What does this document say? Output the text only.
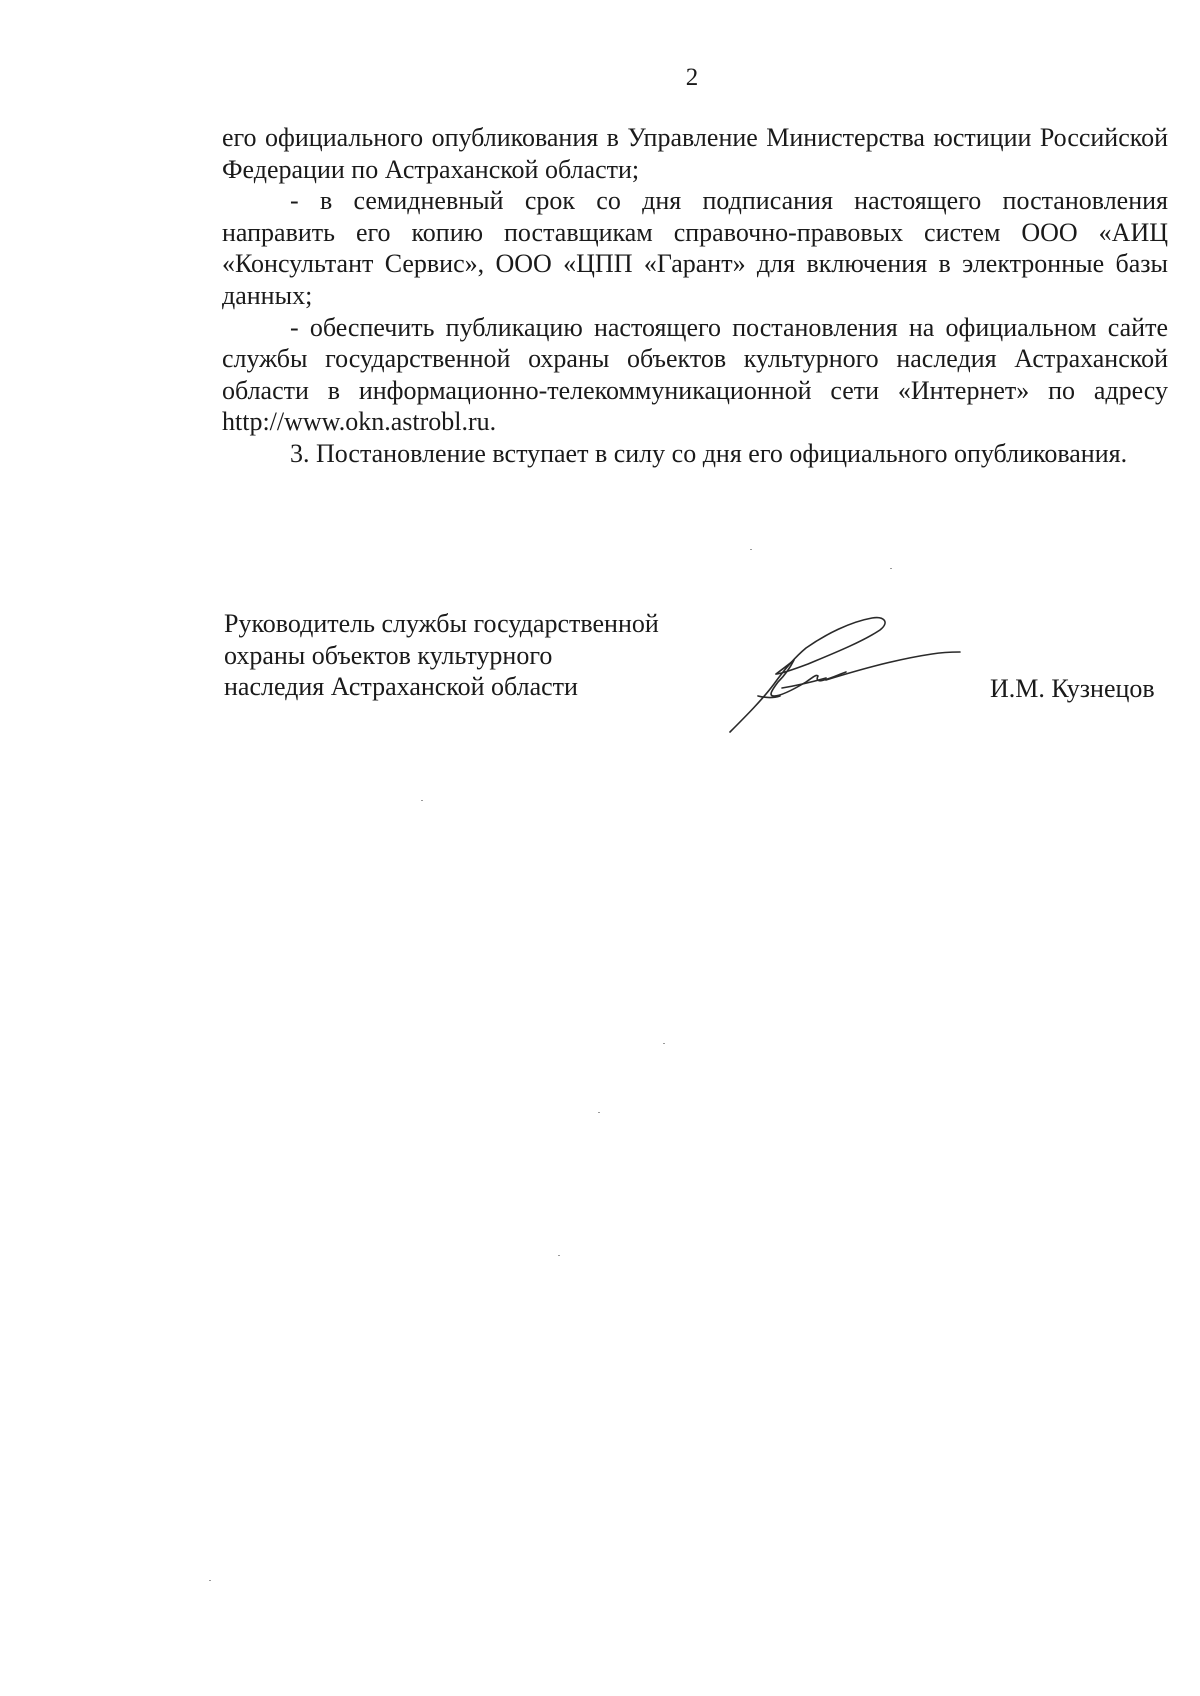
2

его официального опубликования в Управление Министерства юстиции Российской Федерации по Астраханской области;

- в семидневный срок со дня подписания настоящего постановления направить его копию поставщикам справочно-правовых систем ООО «АИЦ «Консультант Сервис», ООО «ЦПП «Гарант» для включения в электронные базы данных;

- обеспечить публикацию настоящего постановления на официальном сайте службы государственной охраны объектов культурного наследия Астраханской области в информационно-телекоммуникационной сети «Интернет» по адресу http://www.okn.astrobl.ru.

3. Постановление вступает в силу со дня его официального опубликования.

Руководитель службы государственной
охраны объектов культурного
наследия Астраханской области	И.М. Кузнецов
